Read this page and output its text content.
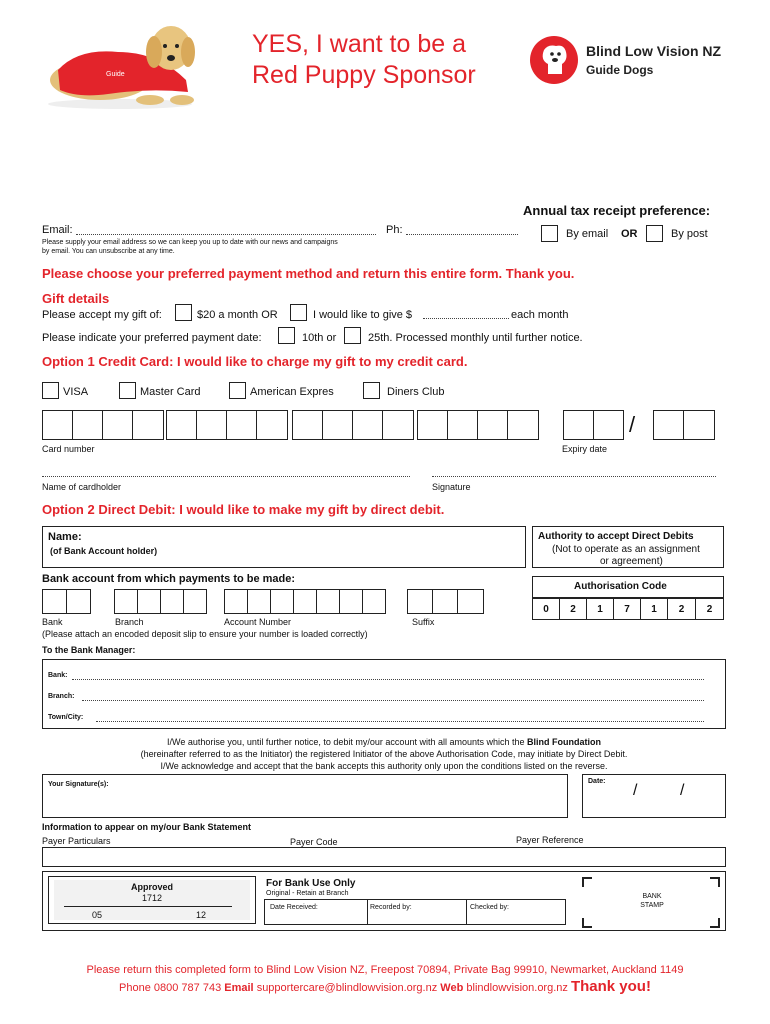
Guide
YES, I want to be a
Red Puppy Sponsor
Blind Low Vision NZ
Guide Dogs
Annual tax receipt preference:
Email:	Ph:
Please supply your email address so we can keep you up to date with our news and campaigns
by email. You can unsubscribe at any time.
By email OR	By post
Please choose your preferred payment method and return this entire form. Thank you.
Gift details
Please accept my gift of:	$20 a month OR	I would like to give $	each month
Please indicate your preferred payment date:	10th or	25th. Processed monthly until further notice.
Option 1 Credit Card: I would like to charge my gift to my credit card.
VISA	Master Card	American Expres	Diners Club
/
Card number	Expiry date
Name of cardholder	Signature
Option 2 Direct Debit: I would like to make my gift by direct debit.
Name:
(of Bank Account holder)
Authority to accept Direct Debits
(Not to operate as an assignment
or agreement)
Bank account from which payments to be made:
Authorisation Code
0	2	1	7	1	2	2
Bank	Branch	Account Number	Suffix
(Please attach an encoded deposit slip to ensure your number is loaded correctly)
To the Bank Manager:
Bank:
Branch:
Town/City:
I/We authorise you, until further notice, to debit my/our account with all amounts which the Blind Foundation
(hereinafter referred to as the Initiator) the registered Initiator of the above Authorisation Code, may initiate by Direct Debit.
I/We acknowledge and accept that the bank accepts this authority only upon the conditions listed on the reverse.
Your Signature(s):	Date:
/	/
Information to appear on my/our Bank Statement
Payer Particulars	Payer Code	Payer Reference
Approved
1712
05	12
For Bank Use Only
Original - Retain at Branch
Date Received:	Recorded by:	Checked by:
BANK
STAMP
Please return this completed form to Blind Low Vision NZ, Freepost 70894, Private Bag 99910, Newmarket, Auckland 1149
Phone 0800 787 743 Email supportercare@blindlowvision.org.nz Web blindlowvision.org.nz Thank you!
